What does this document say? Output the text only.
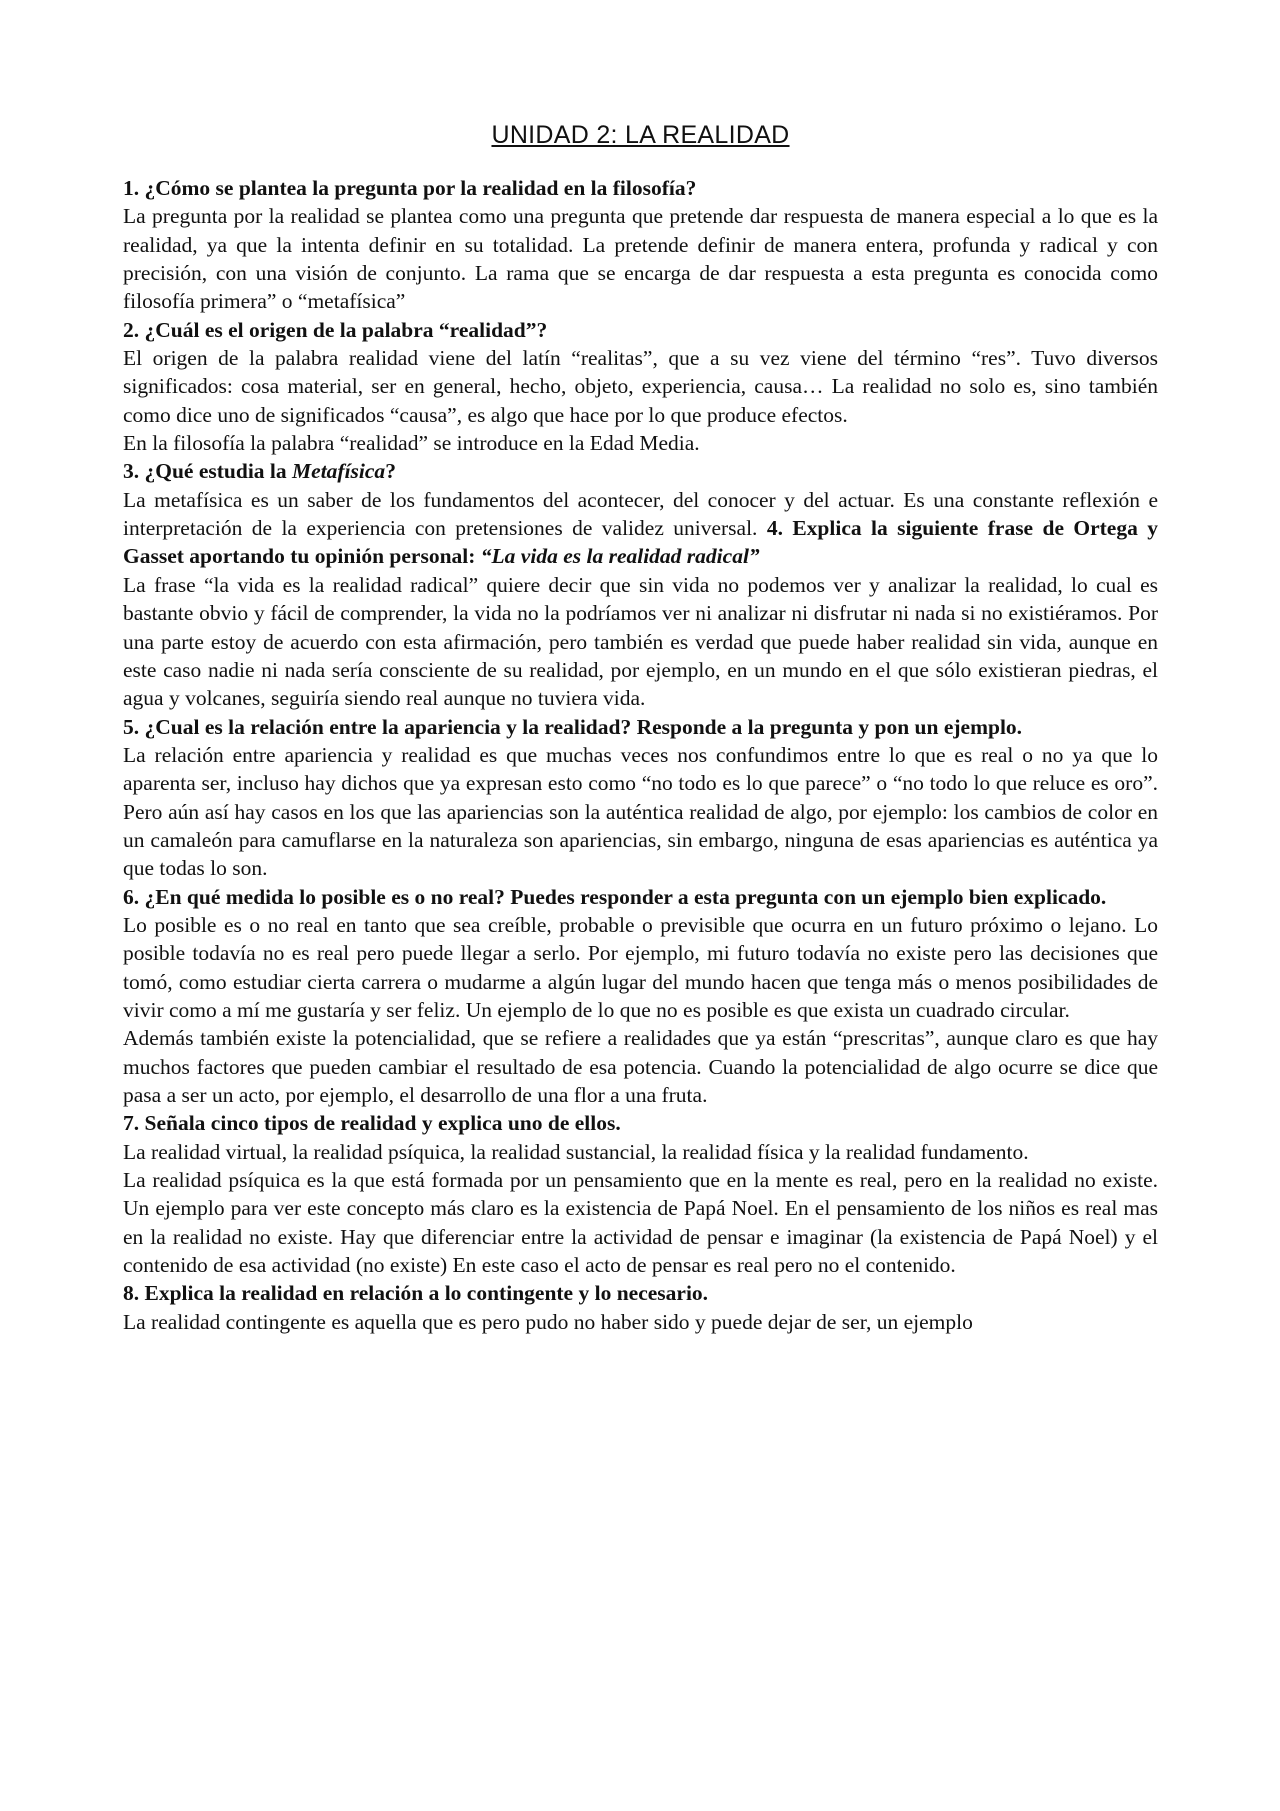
UNIDAD 2: LA REALIDAD

1. ¿Cómo se plantea la pregunta por la realidad en la filosofía?

La pregunta por la realidad se plantea como una pregunta que pretende dar respuesta de manera especial a lo que es la realidad, ya que la intenta definir en su totalidad. La pretende definir de manera entera, profunda y radical y con precisión, con una visión de conjunto. La rama que se encarga de dar respuesta a esta pregunta es conocida como filosofía primera” o “metafísica”

2. ¿Cuál es el origen de la palabra “realidad”?

El origen de la palabra realidad viene del latín “realitas”, que a su vez viene del término “res”. Tuvo diversos significados: cosa material, ser en general, hecho, objeto, experiencia, causa… La realidad no solo es, sino también como dice uno de significados “causa”, es algo que hace por lo que produce efectos.

En la filosofía la palabra “realidad” se introduce en la Edad Media.

3. ¿Qué estudia la Metafísica?

La metafísica es un saber de los fundamentos del acontecer, del conocer y del actuar. Es una constante reflexión e interpretación de la experiencia con pretensiones de validez universal. 4. Explica la siguiente frase de Ortega y Gasset aportando tu opinión personal: “La vida es la realidad radical”

La frase “la vida es la realidad radical” quiere decir que sin vida no podemos ver y analizar la realidad, lo cual es bastante obvio y fácil de comprender, la vida no la podríamos ver ni analizar ni disfrutar ni nada si no existiéramos. Por una parte estoy de acuerdo con esta afirmación, pero también es verdad que puede haber realidad sin vida, aunque en este caso nadie ni nada sería consciente de su realidad, por ejemplo, en un mundo en el que sólo existieran piedras, el agua y volcanes, seguiría siendo real aunque no tuviera vida.

5. ¿Cual es la relación entre la apariencia y la realidad? Responde a la pregunta y pon un ejemplo.

La relación entre apariencia y realidad es que muchas veces nos confundimos entre lo que es real o no ya que lo aparenta ser, incluso hay dichos que ya expresan esto como “no todo es lo que parece” o “no todo lo que reluce es oro”. Pero aún así hay casos en los que las apariencias son la auténtica realidad de algo, por ejemplo: los cambios de color en un camaleón para camuflarse en la naturaleza son apariencias, sin embargo, ninguna de esas apariencias es auténtica ya que todas lo son.

6. ¿En qué medida lo posible es o no real? Puedes responder a esta pregunta con un ejemplo bien explicado.

Lo posible es o no real en tanto que sea creíble, probable o previsible que ocurra en un futuro próximo o lejano. Lo posible todavía no es real pero puede llegar a serlo. Por ejemplo, mi futuro todavía no existe pero las decisiones que tomó, como estudiar cierta carrera o mudarme a algún lugar del mundo hacen que tenga más o menos posibilidades de vivir como a mí me gustaría y ser feliz. Un ejemplo de lo que no es posible es que exista un cuadrado circular.

Además también existe la potencialidad, que se refiere a realidades que ya están “prescritas”, aunque claro es que hay muchos factores que pueden cambiar el resultado de esa potencia. Cuando la potencialidad de algo ocurre se dice que pasa a ser un acto, por ejemplo, el desarrollo de una flor a una fruta.

7. Señala cinco tipos de realidad y explica uno de ellos.

La realidad virtual, la realidad psíquica, la realidad sustancial, la realidad física y la realidad fundamento.

La realidad psíquica es la que está formada por un pensamiento que en la mente es real, pero en la realidad no existe. Un ejemplo para ver este concepto más claro es la existencia de Papá Noel. En el pensamiento de los niños es real mas en la realidad no existe. Hay que diferenciar entre la actividad de pensar e imaginar (la existencia de Papá Noel) y el contenido de esa actividad (no existe) En este caso el acto de pensar es real pero no el contenido.

8. Explica la realidad en relación a lo contingente y lo necesario.

La realidad contingente es aquella que es pero pudo no haber sido y puede dejar de ser, un ejemplo
